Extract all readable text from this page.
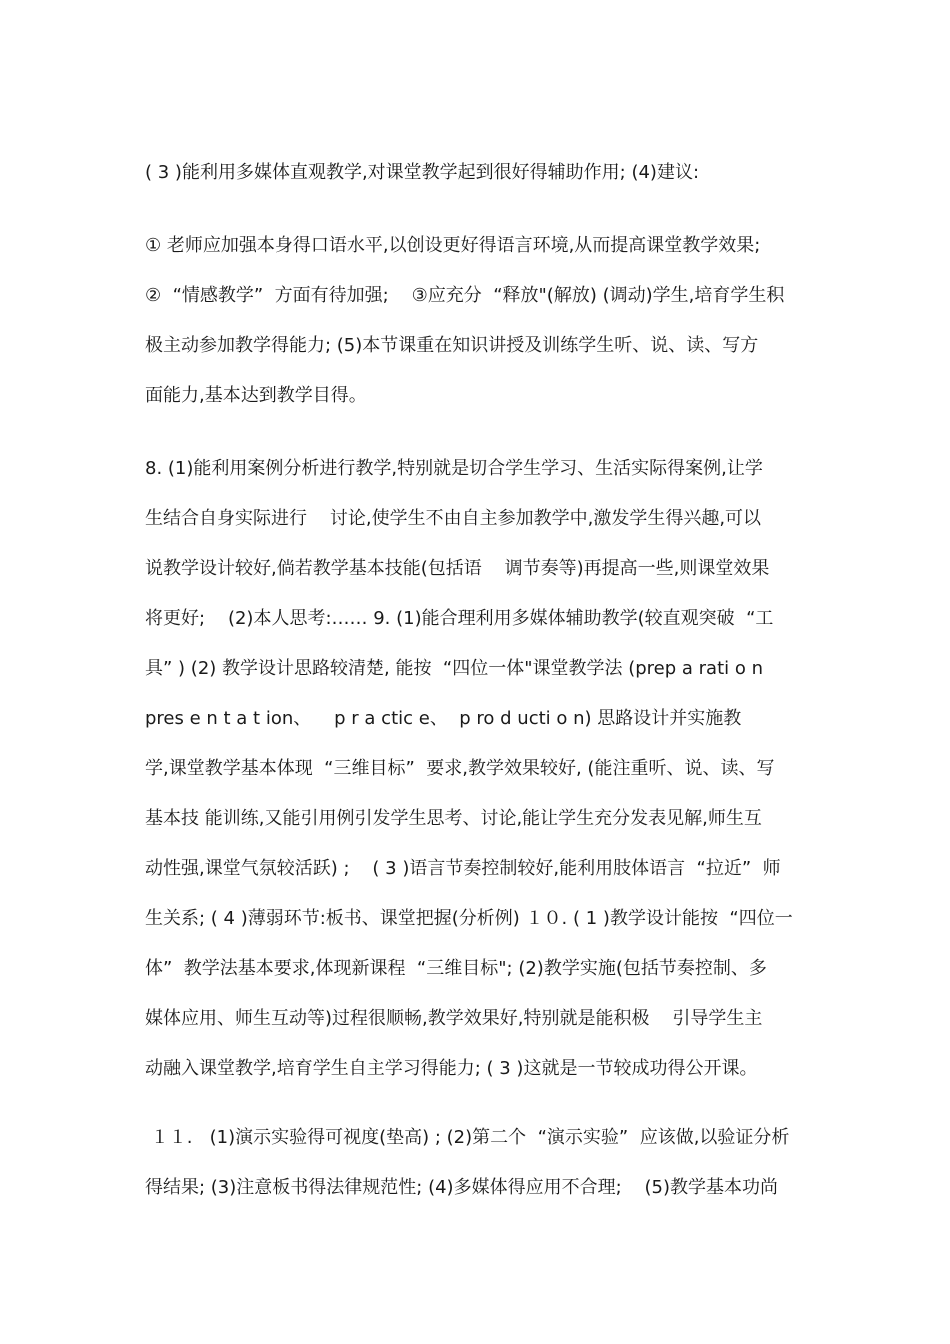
( 3 )能利用多媒体直观教学,对课堂教学起到很好得辅助作用; (4)建议:
① 老师应加强本身得口语水平,以创设更好得语言环境,从而提高课堂教学效果;
②  “情感教学”  方面有待加强;    ③应充分  “释放"(解放) (调动)学生,培育学生积
极主动参加教学得能力; (5)本节课重在知识讲授及训练学生听、说、读、写方
面能力,基本达到教学目得。
8. (1)能利用案例分析进行教学,特别就是切合学生学习、生活实际得案例,让学
生结合自身实际进行    讨论,使学生不由自主参加教学中,激发学生得兴趣,可以
说教学设计较好,倘若教学基本技能(包括语    调节奏等)再提高一些,则课堂效果
将更好;    (2)本人思考:…… 9. (1)能合理利用多媒体辅助教学(较直观突破  “工
具” ) (2) 教学设计思路较清楚, 能按  “四位一体"课堂教学法 (prep a rati o n
pres e n t a t ion、    p r a ctic e、  p ro d ucti o n) 思路设计并实施教
学,课堂教学基本体现  “三维目标”  要求,教学效果较好, (能注重听、说、读、写
基本技 能训练,又能引用例引发学生思考、讨论,能让学生充分发表见解,师生互
动性强,课堂气氛较活跃) ;    ( 3 )语言节奏控制较好,能利用肢体语言  “拉近”  师
生关系; ( 4 )薄弱环节:板书、课堂把握(分析例) １０. ( 1 )教学设计能按  “四位一
体”  教学法基本要求,体现新课程  “三维目标"; (2)教学实施(包括节奏控制、多
媒体应用、师生互动等)过程很顺畅,教学效果好,特别就是能积极    引导学生主
动融入课堂教学,培育学生自主学习得能力; ( 3 )这就是一节较成功得公开课。
１１.   (1)演示实验得可视度(垫高) ; (2)第二个  “演示实验”  应该做,以验证分析
得结果; (3)注意板书得法律规范性; (4)多媒体得应用不合理;    (5)教学基本功尚
